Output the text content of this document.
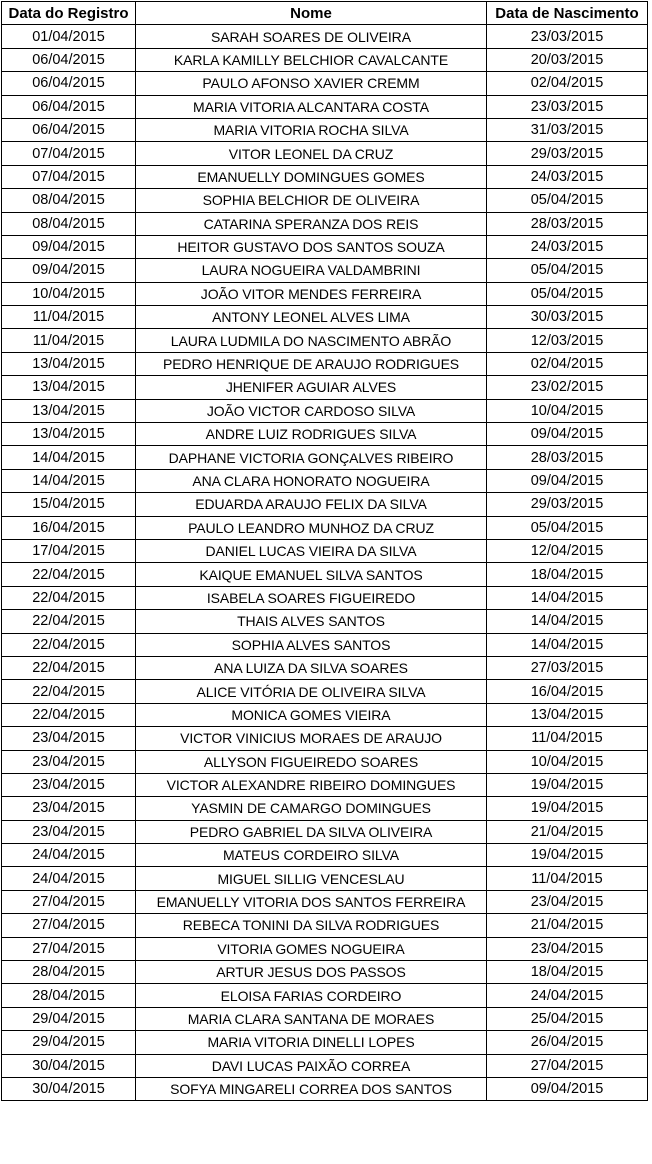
Data do Registro	Nome	Data de Nascimento
01/04/2015	SARAH SOARES DE OLIVEIRA	23/03/2015
06/04/2015	KARLA KAMILLY BELCHIOR CAVALCANTE	20/03/2015
06/04/2015	PAULO AFONSO XAVIER CREMM	02/04/2015
06/04/2015	MARIA VITORIA ALCANTARA COSTA	23/03/2015
06/04/2015	MARIA VITORIA ROCHA SILVA	31/03/2015
07/04/2015	VITOR LEONEL DA CRUZ	29/03/2015
07/04/2015	EMANUELLY DOMINGUES GOMES	24/03/2015
08/04/2015	SOPHIA BELCHIOR DE OLIVEIRA	05/04/2015
08/04/2015	CATARINA SPERANZA DOS REIS	28/03/2015
09/04/2015	HEITOR GUSTAVO DOS SANTOS SOUZA	24/03/2015
09/04/2015	LAURA NOGUEIRA VALDAMBRINI	05/04/2015
10/04/2015	JOÃO VITOR MENDES FERREIRA	05/04/2015
11/04/2015	ANTONY LEONEL ALVES LIMA	30/03/2015
11/04/2015	LAURA LUDMILA DO NASCIMENTO ABRÃO	12/03/2015
13/04/2015	PEDRO HENRIQUE DE ARAUJO RODRIGUES	02/04/2015
13/04/2015	JHENIFER AGUIAR ALVES	23/02/2015
13/04/2015	JOÃO VICTOR CARDOSO SILVA	10/04/2015
13/04/2015	ANDRE LUIZ RODRIGUES SILVA	09/04/2015
14/04/2015	DAPHANE VICTORIA GONÇALVES RIBEIRO	28/03/2015
14/04/2015	ANA CLARA HONORATO NOGUEIRA	09/04/2015
15/04/2015	EDUARDA ARAUJO FELIX DA SILVA	29/03/2015
16/04/2015	PAULO LEANDRO MUNHOZ DA CRUZ	05/04/2015
17/04/2015	DANIEL LUCAS VIEIRA DA SILVA	12/04/2015
22/04/2015	KAIQUE EMANUEL SILVA SANTOS	18/04/2015
22/04/2015	ISABELA SOARES FIGUEIREDO	14/04/2015
22/04/2015	THAIS ALVES SANTOS	14/04/2015
22/04/2015	SOPHIA ALVES SANTOS	14/04/2015
22/04/2015	ANA LUIZA DA SILVA SOARES	27/03/2015
22/04/2015	ALICE VITÓRIA DE OLIVEIRA SILVA	16/04/2015
22/04/2015	MONICA GOMES VIEIRA	13/04/2015
23/04/2015	VICTOR VINICIUS MORAES DE ARAUJO	11/04/2015
23/04/2015	ALLYSON FIGUEIREDO SOARES	10/04/2015
23/04/2015	VICTOR ALEXANDRE RIBEIRO DOMINGUES	19/04/2015
23/04/2015	YASMIN DE CAMARGO DOMINGUES	19/04/2015
23/04/2015	PEDRO GABRIEL DA SILVA OLIVEIRA	21/04/2015
24/04/2015	MATEUS CORDEIRO SILVA	19/04/2015
24/04/2015	MIGUEL SILLIG VENCESLAU	11/04/2015
27/04/2015	EMANUELLY VITORIA DOS SANTOS FERREIRA	23/04/2015
27/04/2015	REBECA TONINI DA SILVA RODRIGUES	21/04/2015
27/04/2015	VITORIA GOMES NOGUEIRA	23/04/2015
28/04/2015	ARTUR JESUS DOS PASSOS	18/04/2015
28/04/2015	ELOISA FARIAS CORDEIRO	24/04/2015
29/04/2015	MARIA CLARA SANTANA DE MORAES	25/04/2015
29/04/2015	MARIA VITORIA DINELLI LOPES	26/04/2015
30/04/2015	DAVI LUCAS PAIXÃO CORREA	27/04/2015
30/04/2015	SOFYA MINGARELI CORREA DOS SANTOS	09/04/2015
